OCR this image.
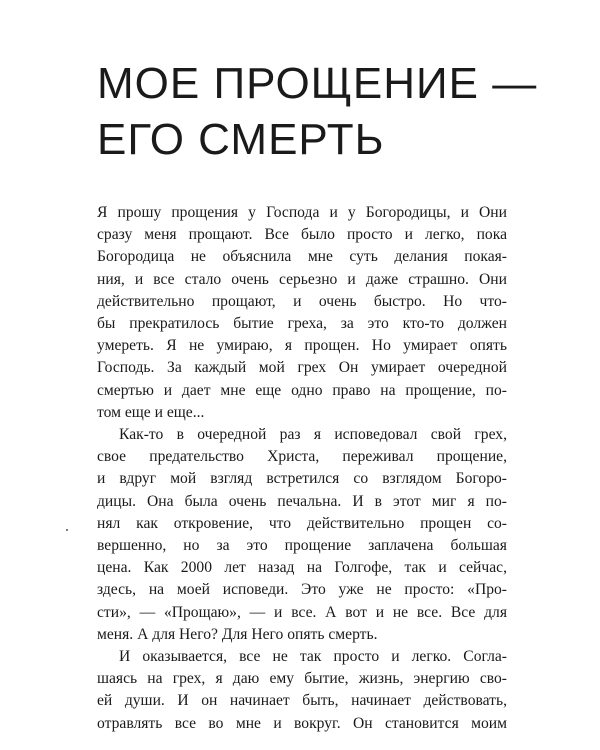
МОЕ ПРОЩЕНИЕ —
ЕГО СМЕРТЬ
Я прошу прощения у Господа и у Богородицы, и Они
сразу меня прощают. Все было просто и легко, пока
Богородица не объяснила мне суть делания покая-
ния, и все стало очень серьезно и даже страшно. Они
действительно прощают, и очень быстро. Но что-
бы прекратилось бытие греха, за это кто-то должен
умереть. Я не умираю, я прощен. Но умирает опять
Господь. За каждый мой грех Он умирает очередной
смертью и дает мне еще одно право на прощение, по-
том еще и еще...
Как-то в очередной раз я исповедовал свой грех,
свое предательство Христа, переживал прощение,
и вдруг мой взгляд встретился со взглядом Богоро-
дицы. Она была очень печальна. И в этот миг я по-
нял как откровение, что действительно прощен со-
вершенно, но за это прощение заплачена большая
цена. Как 2000 лет назад на Голгофе, так и сейчас,
здесь, на моей исповеди. Это уже не просто: «Про-
сти», — «Прощаю», — и все. А вот и не все. Все для
меня. А для Него? Для Него опять смерть.
И оказывается, все не так просто и легко. Согла-
шаясь на грех, я даю ему бытие, жизнь, энергию сво-
ей души. И он начинает быть, начинает действовать,
отравлять все во мне и вокруг. Он становится моим
